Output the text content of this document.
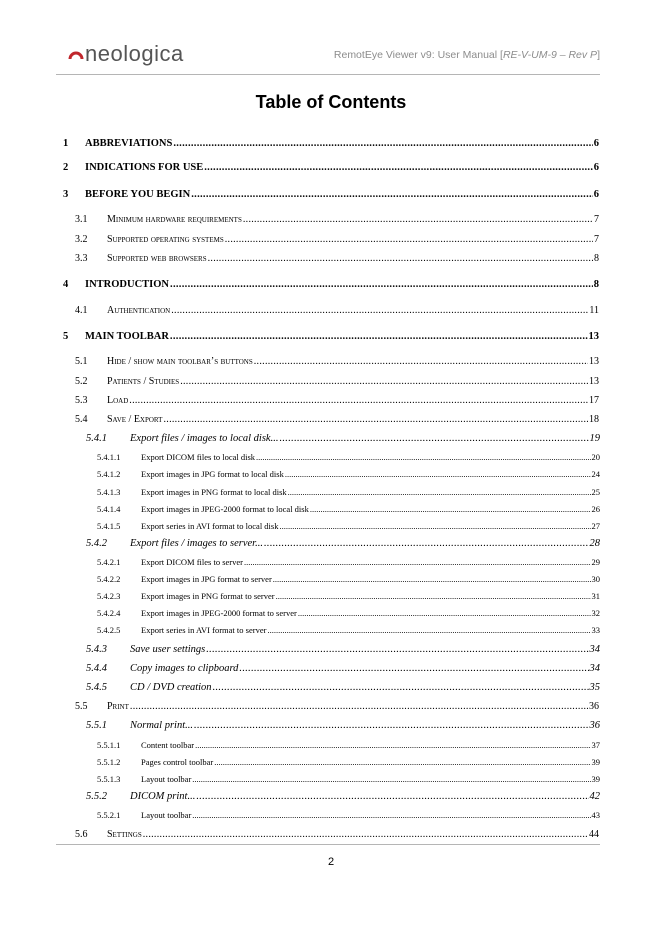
neologica	RemotEye Viewer v9: User Manual [RE-V-UM-9 – Rev P]
Table of Contents
1	ABBREVIATIONS .....	6
2	INDICATIONS FOR USE .....	6
3	BEFORE YOU BEGIN .....	6
3.1	Minimum hardware requirements .....	7
3.2	Supported operating systems .....	7
3.3	Supported web browsers .....	8
4	INTRODUCTION .....	8
4.1	Authentication .....	11
5	MAIN TOOLBAR .....	13
5.1	Hide / show main toolbar’s buttons .....	13
5.2	Patients / Studies .....	13
5.3	Load .....	17
5.4	Save / Export .....	18
5.4.1	Export files / images to local disk... .....	19
5.4.1.1	Export DICOM files to local disk .....	20
5.4.1.2	Export images in JPG format to local disk .....	24
5.4.1.3	Export images in PNG format to local disk .....	25
5.4.1.4	Export images in JPEG-2000 format to local disk .....	26
5.4.1.5	Export series in AVI format to local disk .....	27
5.4.2	Export files / images to server... .....	28
5.4.2.1	Export DICOM files to server .....	29
5.4.2.2	Export images in JPG format to server .....	30
5.4.2.3	Export images in PNG format to server .....	31
5.4.2.4	Export images in JPEG-2000 format to server .....	32
5.4.2.5	Export series in AVI format to server .....	33
5.4.3	Save user settings .....	34
5.4.4	Copy images to clipboard .....	34
5.4.5	CD / DVD creation .....	35
5.5	Print .....	36
5.5.1	Normal print... .....	36
5.5.1.1	Content toolbar .....	37
5.5.1.2	Pages control toolbar .....	39
5.5.1.3	Layout toolbar .....	39
5.5.2	DICOM print... .....	42
5.5.2.1	Layout toolbar .....	43
5.6	Settings .....	44
2
